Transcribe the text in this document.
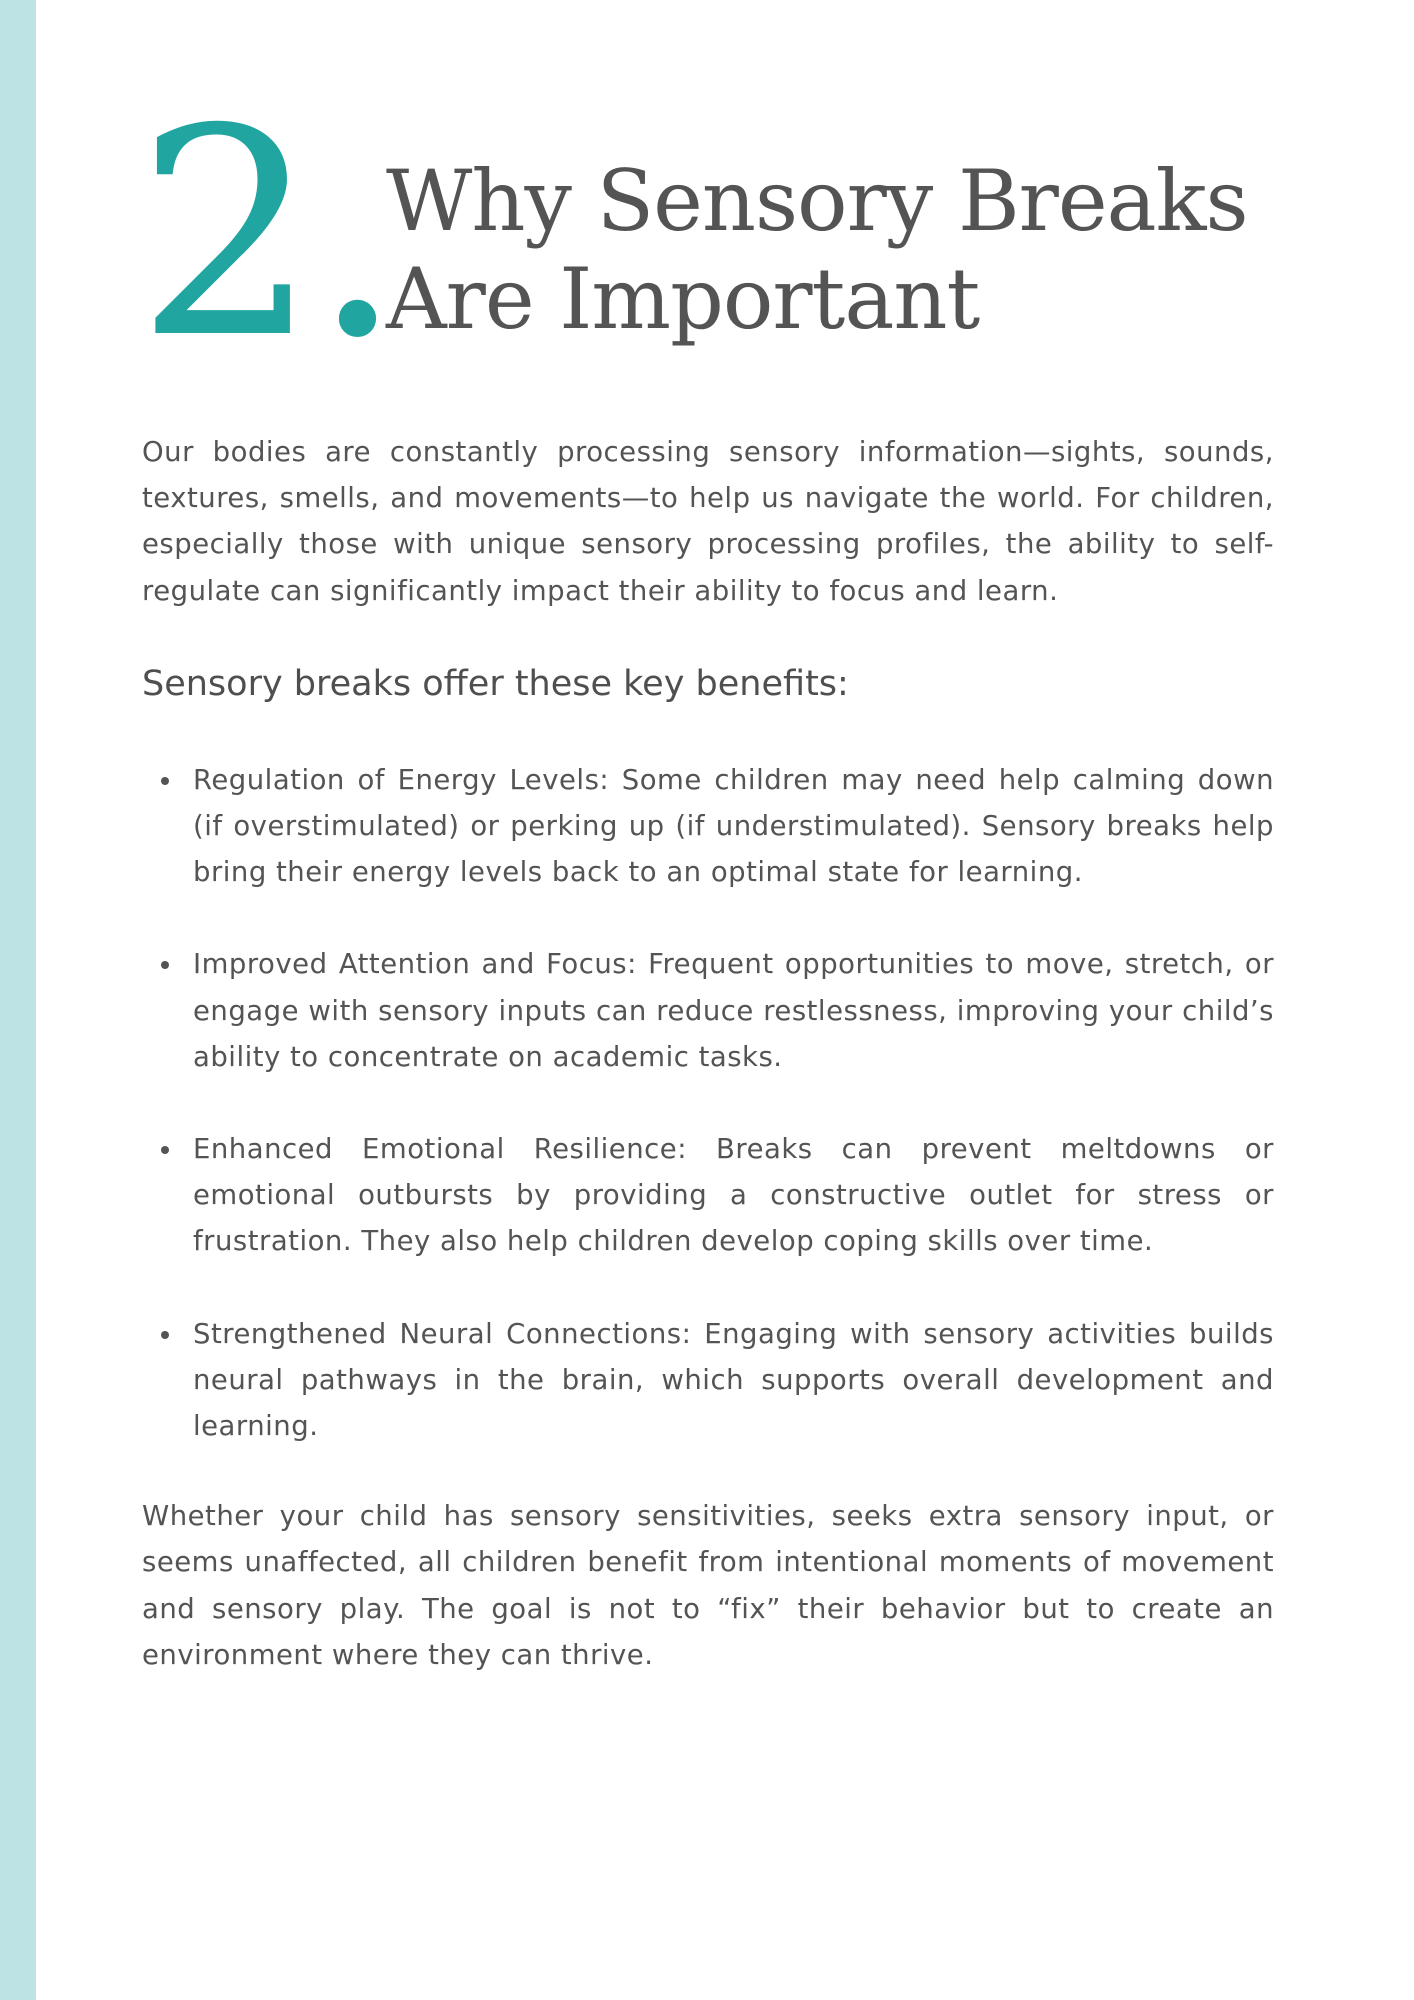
2.
Why Sensory Breaks Are Important

Our bodies are constantly processing sensory information—sights, sounds, textures, smells, and movements—to help us navigate the world. For children, especially those with unique sensory processing profiles, the ability to self-regulate can significantly impact their ability to focus and learn.

Sensory breaks offer these key benefits:
Regulation of Energy Levels: Some children may need help calming down (if overstimulated) or perking up (if understimulated). Sensory breaks help bring their energy levels back to an optimal state for learning.
Improved Attention and Focus: Frequent opportunities to move, stretch, or engage with sensory inputs can reduce restlessness, improving your child’s ability to concentrate on academic tasks.
Enhanced Emotional Resilience: Breaks can prevent meltdowns or emotional outbursts by providing a constructive outlet for stress or frustration. They also help children develop coping skills over time.
Strengthened Neural Connections: Engaging with sensory activities builds neural pathways in the brain, which supports overall development and learning.

Whether your child has sensory sensitivities, seeks extra sensory input, or seems unaffected, all children benefit from intentional moments of movement and sensory play. The goal is not to “fix” their behavior but to create an environment where they can thrive.
